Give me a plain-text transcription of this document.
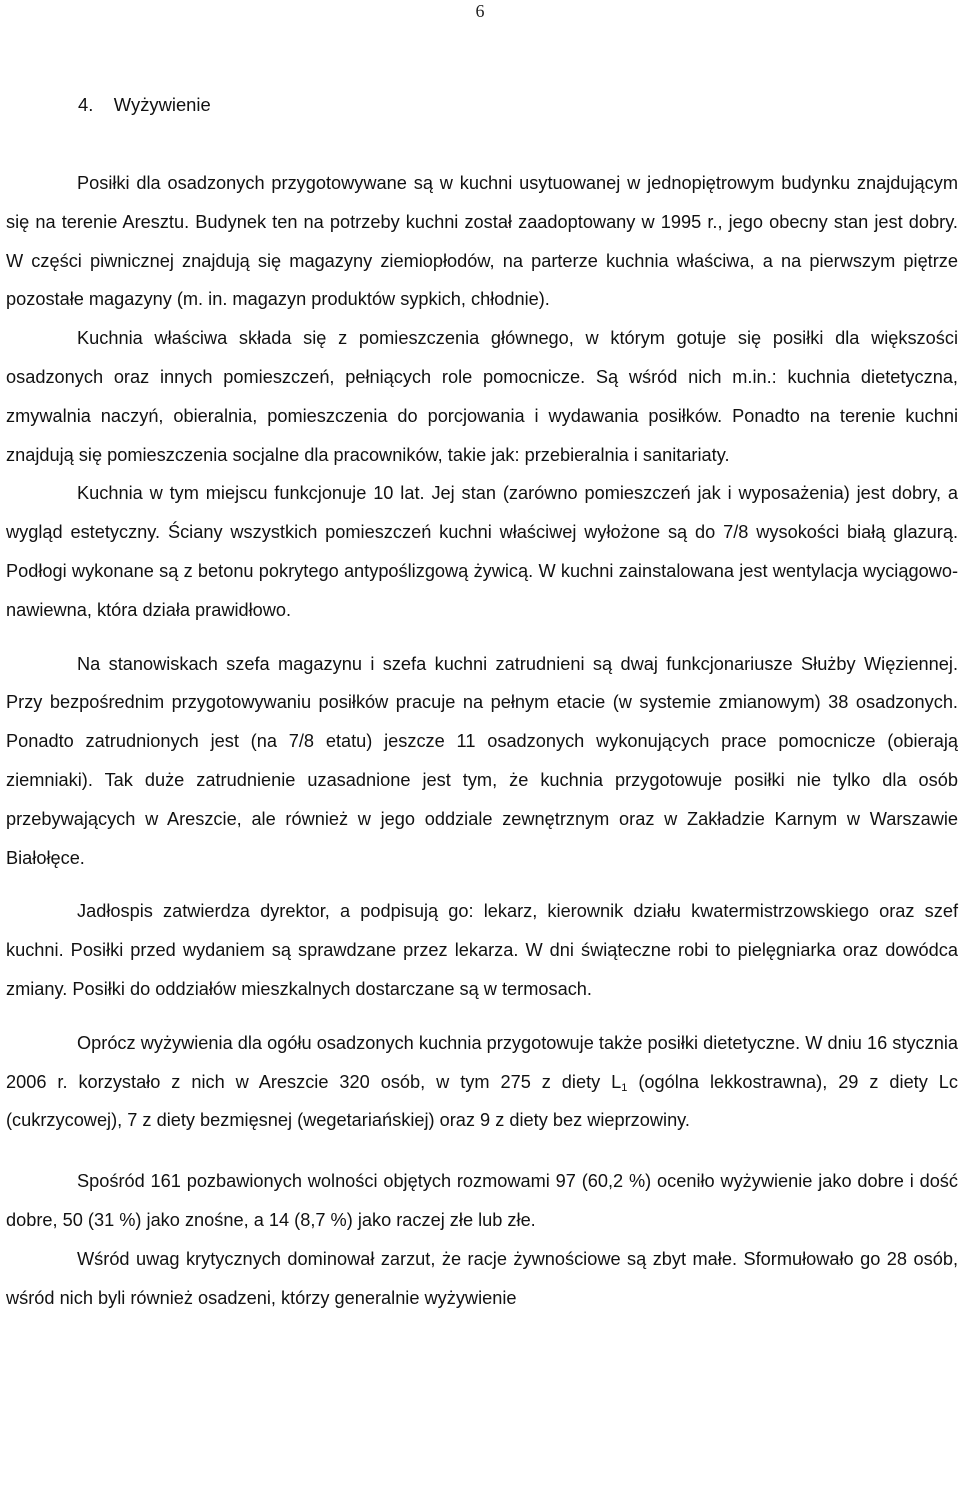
6
4. Wyżywienie

Posiłki dla osadzonych przygotowywane są w kuchni usytuowanej w jednopiętrowym budynku znajdującym się na terenie Aresztu. Budynek ten na potrzeby kuchni został zaadoptowany w 1995 r., jego obecny stan jest dobry. W części piwnicznej znajdują się magazyny ziemiopłodów, na parterze kuchnia właściwa, a na pierwszym piętrze pozostałe magazyny (m. in. magazyn produktów sypkich, chłodnie).

Kuchnia właściwa składa się z pomieszczenia głównego, w którym gotuje się posiłki dla większości osadzonych oraz innych pomieszczeń, pełniących role pomocnicze. Są wśród nich m.in.: kuchnia dietetyczna, zmywalnia naczyń, obieralnia, pomieszczenia do porcjowania i wydawania posiłków. Ponadto na terenie kuchni znajdują się pomieszczenia socjalne dla pracowników, takie jak: przebieralnia i sanitariaty.

Kuchnia w tym miejscu funkcjonuje 10 lat. Jej stan (zarówno pomieszczeń jak i wyposażenia) jest dobry, a wygląd estetyczny. Ściany wszystkich pomieszczeń kuchni właściwej wyłożone są do 7/8 wysokości białą glazurą. Podłogi wykonane są z betonu pokrytego antypoślizgową żywicą. W kuchni zainstalowana jest wentylacja wyciągowo-nawiewna, która działa prawidłowo.

Na stanowiskach szefa magazynu i szefa kuchni zatrudnieni są dwaj funkcjonariusze Służby Więziennej. Przy bezpośrednim przygotowywaniu posiłków pracuje na pełnym etacie (w systemie zmianowym) 38 osadzonych. Ponadto zatrudnionych jest (na 7/8 etatu) jeszcze 11 osadzonych wykonujących prace pomocnicze (obierają ziemniaki). Tak duże zatrudnienie uzasadnione jest tym, że kuchnia przygotowuje posiłki nie tylko dla osób przebywających w Areszcie, ale również w jego oddziale zewnętrznym oraz w Zakładzie Karnym w Warszawie Białołęce.

Jadłospis zatwierdza dyrektor, a podpisują go: lekarz, kierownik działu kwatermistrzowskiego oraz szef kuchni. Posiłki przed wydaniem są sprawdzane przez lekarza. W dni świąteczne robi to pielęgniarka oraz dowódca zmiany. Posiłki do oddziałów mieszkalnych dostarczane są w termosach.

Oprócz wyżywienia dla ogółu osadzonych kuchnia przygotowuje także posiłki dietetyczne. W dniu 16 stycznia 2006 r. korzystało z nich w Areszcie 320 osób, w tym 275 z diety $L_1$ (ogólna lekkostrawna), 29 z diety Lc (cukrzycowej), 7 z diety bezmięsnej (wegetariańskiej) oraz 9 z diety bez wieprzowiny.

Spośród 161 pozbawionych wolności objętych rozmowami 97 (60,2 %) oceniło wyżywienie jako dobre i dość dobre, 50 (31 %) jako znośne, a 14 (8,7 %) jako raczej złe lub złe.

Wśród uwag krytycznych dominował zarzut, że racje żywnościowe są zbyt małe. Sformułowało go 28 osób, wśród nich byli również osadzeni, którzy generalnie wyżywienie
